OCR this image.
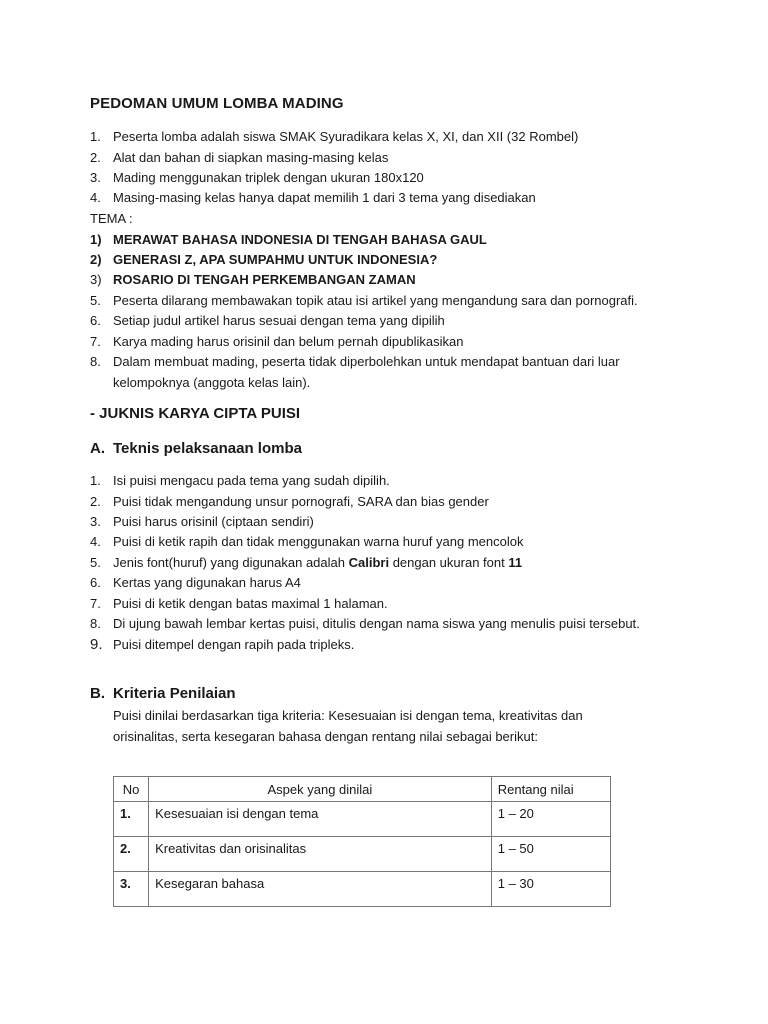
PEDOMAN UMUM LOMBA MADING
1. Peserta lomba adalah siswa SMAK Syuradikara kelas X, XI, dan XII (32 Rombel)
2. Alat dan bahan di siapkan masing-masing kelas
3. Mading menggunakan triplek dengan ukuran 180x120
4. Masing-masing kelas hanya dapat memilih 1 dari 3 tema yang disediakan
TEMA :
1) MERAWAT BAHASA INDONESIA DI TENGAH BAHASA GAUL
2) GENERASI Z, APA SUMPAHMU UNTUK INDONESIA?
3) ROSARIO DI TENGAH PERKEMBANGAN ZAMAN
5. Peserta dilarang membawakan topik atau isi artikel yang mengandung sara dan pornografi.
6. Setiap judul artikel harus sesuai dengan tema yang dipilih
7. Karya mading harus orisinil dan belum pernah dipublikasikan
8. Dalam membuat mading, peserta tidak diperbolehkan untuk mendapat bantuan dari luar
kelompoknya (anggota kelas lain).
- JUKNIS KARYA CIPTA PUISI
A. Teknis pelaksanaan lomba
1. Isi puisi mengacu pada tema yang sudah dipilih.
2. Puisi tidak mengandung unsur pornografi, SARA dan bias gender
3. Puisi harus orisinil (ciptaan sendiri)
4. Puisi di ketik rapih dan tidak menggunakan warna huruf yang mencolok
5. Jenis font(huruf) yang digunakan adalah Calibri dengan ukuran font 11
6. Kertas yang digunakan harus A4
7. Puisi di ketik dengan batas maximal 1 halaman.
8. Di ujung bawah lembar kertas puisi, ditulis dengan nama siswa yang menulis puisi tersebut.
9. Puisi ditempel dengan rapih pada tripleks.
B. Kriteria Penilaian
Puisi dinilai berdasarkan tiga kriteria: Kesesuaian isi dengan tema, kreativitas dan
orisinalitas, serta kesegaran bahasa dengan rentang nilai sebagai berikut:
No	Aspek yang dinilai	Rentang nilai
1.	Kesesuaian isi dengan tema	1 – 20
2.	Kreativitas dan orisinalitas	1 – 50
3.	Kesegaran bahasa	1 – 30
